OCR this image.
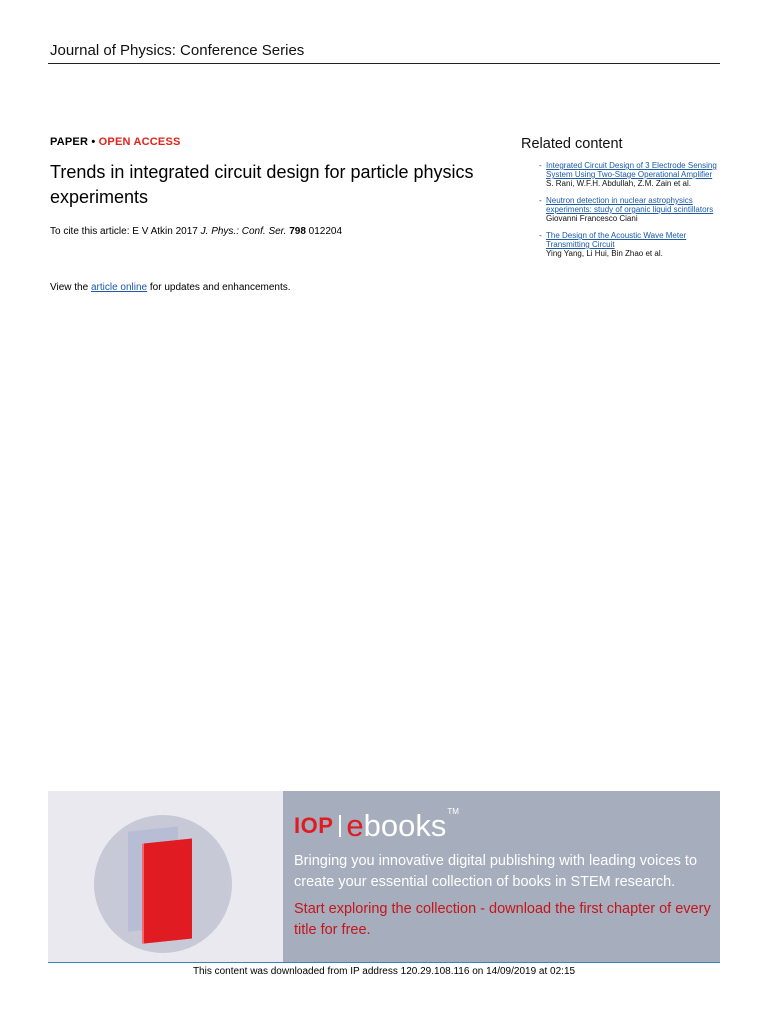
Journal of Physics: Conference Series
PAPER • OPEN ACCESS
Trends in integrated circuit design for particle physics experiments
To cite this article: E V Atkin 2017 J. Phys.: Conf. Ser. 798 012204
View the article online for updates and enhancements.
Related content
- Integrated Circuit Design of 3 Electrode Sensing System Using Two-Stage Operational Amplifier
S. Rani, W.F.H. Abdullah, Z.M. Zain et al.
- Neutron detection in nuclear astrophysics experiments: study of organic liquid scintillators
Giovanni Francesco Ciani
- The Design of the Acoustic Wave Meter Transmitting Circuit
Ying Yang, Li Hui, Bin Zhao et al.
IOP ebooks TM
Bringing you innovative digital publishing with leading voices to create your essential collection of books in STEM research.
Start exploring the collection - download the first chapter of every title for free.
This content was downloaded from IP address 120.29.108.116 on 14/09/2019 at 02:15
